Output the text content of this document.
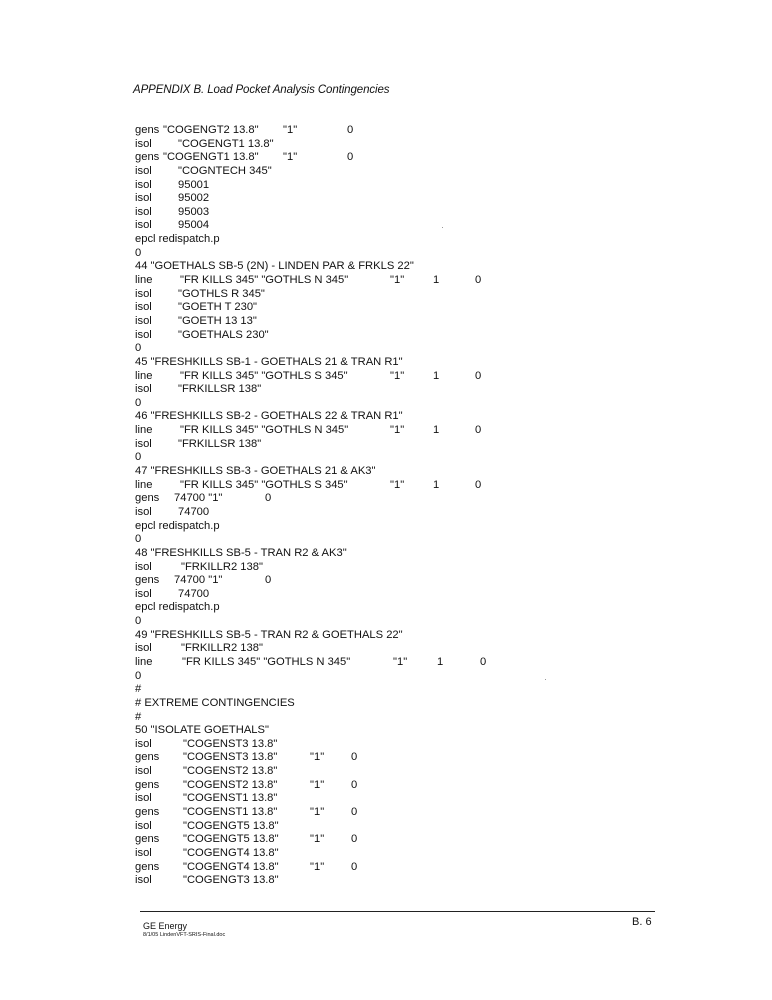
APPENDIX B. Load Pocket Analysis Contingencies
gens "COGENGT2 13.8" "1"	0
isol "COGENGT1 13.8"
gens "COGENGT1 13.8" "1"	0
isol "COGNTECH 345"
isol 95001
isol 95002
isol 95003
isol 95004
epcl redispatch.p
0
44 "GOETHALS SB-5 (2N) - LINDEN PAR & FRKLS 22"
line "FR KILLS 345" "GOTHLS N 345"	"1"	1	0
isol "GOTHLS R 345"
isol "GOETH T 230"
isol "GOETH 13 13"
isol "GOETHALS 230"
0
45 "FRESHKILLS SB-1 - GOETHALS 21 & TRAN R1"
line "FR KILLS 345" "GOTHLS S 345"	"1"	1	0
isol "FRKILLSR 138"
0
46 "FRESHKILLS SB-2 - GOETHALS 22 & TRAN R1"
line "FR KILLS 345" "GOTHLS N 345"	"1"	1	0
isol "FRKILLSR 138"
0
47 "FRESHKILLS SB-3 - GOETHALS 21 & AK3"
line "FR KILLS 345" "GOTHLS S 345"	"1"	1	0
gens 74700 "1"	0
isol 74700
epcl redispatch.p
0
48 "FRESHKILLS SB-5 - TRAN R2 & AK3"
isol	"FRKILLR2 138"
gens 74700 "1"	0
isol 74700
epcl redispatch.p
0
49 "FRESHKILLS SB-5 - TRAN R2 & GOETHALS 22"
isol	"FRKILLR2 138"
line	"FR KILLS 345" "GOTHLS N 345"	"1"	1	0
0
#
# EXTREME CONTINGENCIES
#
50 "ISOLATE GOETHALS"
isol	"COGENST3 13.8"
gens "COGENST3 13.8"	"1" 0
isol	"COGENST2 13.8"
gens "COGENST2 13.8"	"1" 0
isol	"COGENST1 13.8"
gens "COGENST1 13.8"	"1" 0
isol	"COGENGT5 13.8"
gens "COGENGT5 13.8"	"1" 0
isol	"COGENGT4 13.8"
gens "COGENGT4 13.8"	"1" 0
isol	"COGENGT3 13.8"
GE Energy
8/1/05 LindenVFT-SRIS-Final.doc
B. 6
